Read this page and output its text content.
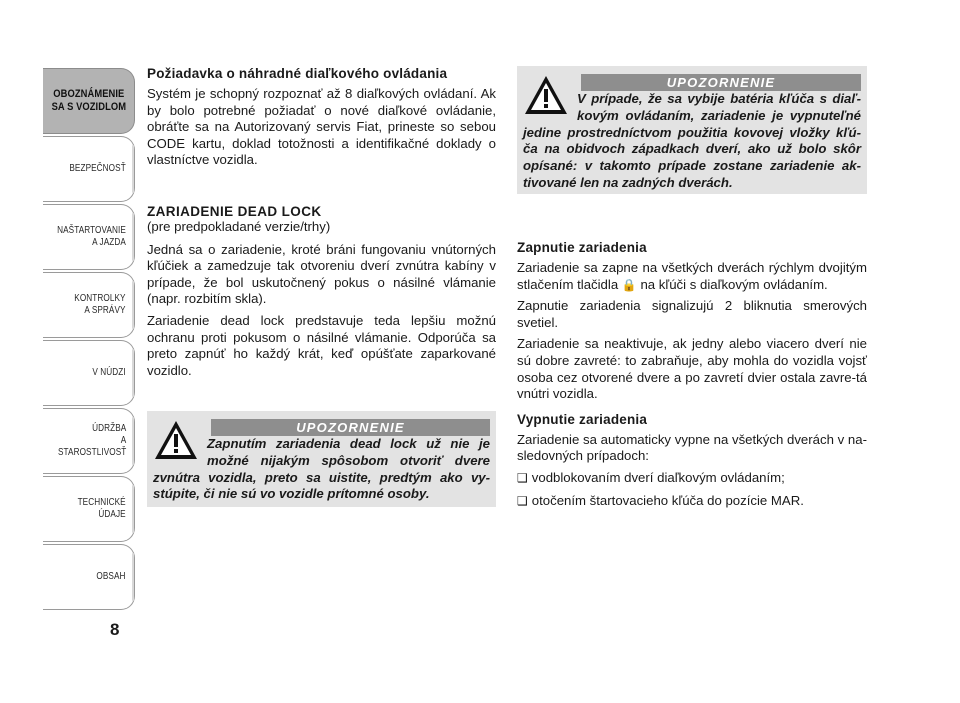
OBOZNÁMENIE
SA S VOZIDLOM
BEZPEČNOSŤ
NAŠTARTOVANIE
A JAZDA
KONTROLKY
A SPRÁVY
V NÚDZI
ÚDRŽBA
A STAROSTLIVOSŤ
TECHNICKÉ
ÚDAJE
OBSAH
8
Požiadavka o náhradné diaľkového ovládania

Systém je schopný rozpoznať až 8 diaľkových ovládaní. Ak by bolo potrebné požiadať o nové diaľkové ovládanie, obráťte sa na Autorizovaný servis Fiat, prineste so sebou CODE kartu, doklad totožnosti a identifikačné doklady o vlastníctve vozidla.

ZARIADENIE DEAD LOCK

(pre predpokladané verzie/trhy)

Jedná sa o zariadenie, kroté bráni fungovaniu vnútorných kľúčiek a zamedzuje tak otvoreniu dverí zvnútra kabíny v prípade, že bol uskutočnený pokus o násilné vlámanie (napr. rozbitím skla).

Zariadenie dead lock predstavuje teda lepšiu možnú ochranu proti pokusom o násilné vlámanie. Odporúča sa preto zapnúť ho každý krát, keď opúšťate zaparkované vozidlo.

UPOZORNENIE

Zapnutím zariadenia dead lock už nie je možné nijakým spôsobom otvoriť dvere zvnútra vozidla, preto sa uistite, predtým ako vy-stúpite, či nie sú vo vozidle prítomné osoby.

UPOZORNENIE

V prípade, že sa vybije batéria kľúča s diaľ-kovým ovládaním, zariadenie je vypnuteľné jedine prostredníctvom použitia kovovej vložky kľú-ča na obidvoch západkach dverí, ako už bolo skôr opísané: v takomto prípade zostane zariadenie ak-tivované len na zadných dverách.

Zapnutie zariadenia

Zariadenie sa zapne na všetkých dverách rýchlym dvojitým stlačením tlačidla 🔒 na kľúči s diaľkovým ovládaním.

Zapnutie zariadenia signalizujú 2 bliknutia smerových svetiel.

Zariadenie sa neaktivuje, ak jedny alebo viacero dverí nie sú dobre zavreté: to zabraňuje, aby mohla do vozidla vojsť osoba cez otvorené dvere a po zavretí dvier ostala zavre-tá vnútri vozidla.

Vypnutie zariadenia

Zariadenie sa automaticky vypne na všetkých dverách v na-sledovných prípadoch:

❑ vodblokovaním dverí diaľkovým ovládaním;

❑ otočením štartovacieho kľúča do pozície MAR.
